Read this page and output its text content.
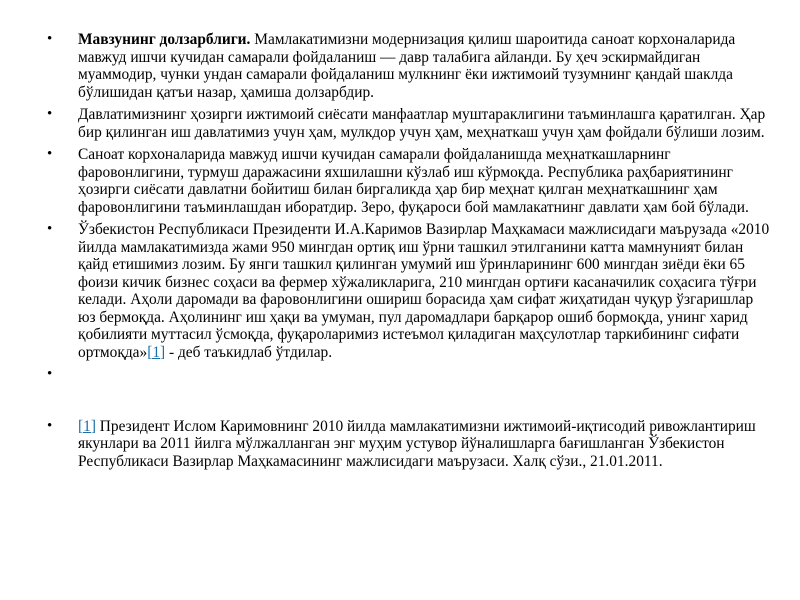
• Мавзунинг долзарблиги. Мамлакатимизни модернизация қилиш шароитида саноат корхоналарида мавжуд ишчи кучидан самарали фойдаланиш — давр талабига айланди. Бу ҳеч эскирмайдиган муаммодир, чунки ундан самарали фойдаланиш мулкнинг ёки ижтимоий тузумнинг қандай шаклда бўлишидан қатъи назар, ҳамиша долзарбдир.
• Давлатимизнинг ҳозирги ижтимоий сиёсати манфаатлар муштараклигини таъминлашга қаратилган. Ҳар бир қилинган иш давлатимиз учун ҳам, мулкдор учун ҳам, меҳнаткаш учун ҳам фойдали бўлиши лозим.
• Саноат корхоналарида мавжуд ишчи кучидан самарали фойдаланишда меҳнаткашларнинг фаровонлигини, турмуш даражасини яхшилашни кўзлаб иш кўрмоқда. Республика раҳбариятининг ҳозирги сиёсати давлатни бойитиш билан биргаликда ҳар бир меҳнат қилган меҳнаткашнинг ҳам фаровонлигини таъминлашдан иборатдир. Зеро, фуқароси бой мамлакатнинг давлати ҳам бой бўлади.
• Ўзбекистон Республикаси Президенти И.А.Каримов Вазирлар Маҳкамаси мажлисидаги маърузада «2010 йилда мамлакатимизда жами 950 мингдан ортиқ иш ўрни ташкил этилганини катта мамнуният билан қайд етишимиз лозим. Бу янги ташкил қилинган умумий иш ўринларининг 600 мингдан зиёди ёки 65 фоизи кичик бизнес соҳаси ва фермер хўжаликларига, 210 мингдан ортиғи касаначилик соҳасига тўғри келади. Аҳоли даромади ва фаровонлигини ошириш борасида ҳам сифат жиҳатидан чуқур ўзгаришлар юз бермоқда. Аҳолининг иш ҳақи ва умуман, пул даромадлари барқарор ошиб бормоқда, унинг харид қобилияти муттасил ўсмоқда, фуқароларимиз истеъмол қиладиган маҳсулотлар таркибининг сифати ортмоқда»[1] - деб таъкидлаб ўтдилар.
•
• [1] Президент Ислом Каримовнинг 2010 йилда мамлакатимизни ижтимоий-иқтисодий ривожлантириш якунлари ва 2011 йилга мўлжалланган энг муҳим устувор йўналишларга бағишланган Ўзбекистон Республикаси Вазирлар Маҳкамасининг мажлисидаги маърузаси. Халқ сўзи., 21.01.2011.
